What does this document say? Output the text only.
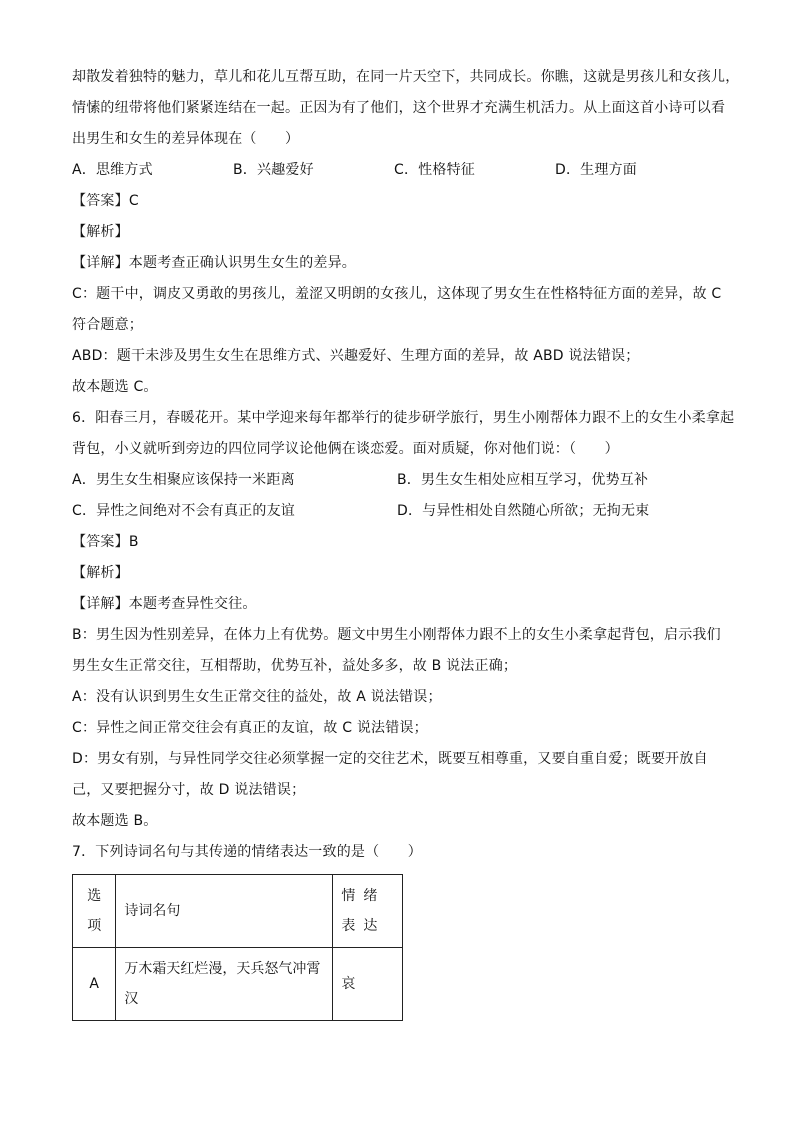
却散发着独特的魅力，草儿和花儿互帮互助，在同一片天空下，共同成长。你瞧，这就是男孩儿和女孩儿，
情愫的纽带将他们紧紧连结在一起。正因为有了他们，这个世界才充满生机活力。从上面这首小诗可以看
出男生和女生的差异体现在（　　）
A．思维方式	B．兴趣爱好	C．性格特征	D．生理方面
【答案】C
【解析】
【详解】本题考查正确认识男生女生的差异。
C：题干中，调皮又勇敢的男孩儿，羞涩又明朗的女孩儿，这体现了男女生在性格特征方面的差异，故 C
符合题意；
ABD：题干未涉及男生女生在思维方式、兴趣爱好、生理方面的差异，故 ABD 说法错误；
故本题选 C。
6．阳春三月，春暖花开。某中学迎来每年都举行的徒步研学旅行，男生小刚帮体力跟不上的女生小柔拿起
背包，小义就听到旁边的四位同学议论他俩在谈恋爱。面对质疑，你对他们说：（　　）
A．男生女生相聚应该保持一米距离	B．男生女生相处应相互学习，优势互补
C．异性之间绝对不会有真正的友谊	D．与异性相处自然随心所欲；无拘无束
【答案】B
【解析】
【详解】本题考查异性交往。
B：男生因为性别差异，在体力上有优势。题文中男生小刚帮体力跟不上的女生小柔拿起背包，启示我们
男生女生正常交往，互相帮助，优势互补，益处多多，故 B 说法正确；
A：没有认识到男生女生正常交往的益处，故 A 说法错误；
C：异性之间正常交往会有真正的友谊，故 C 说法错误；
D：男女有别，与异性同学交往必须掌握一定的交往艺术，既要互相尊重，又要自重自爱；既要开放自
己，又要把握分寸，故 D 说法错误；
故本题选 B。
7．下列诗词名句与其传递的情绪表达一致的是（　　）
选项	诗词名句	情绪表达
A	万木霜天红烂漫，天兵怒气冲霄汉	哀
